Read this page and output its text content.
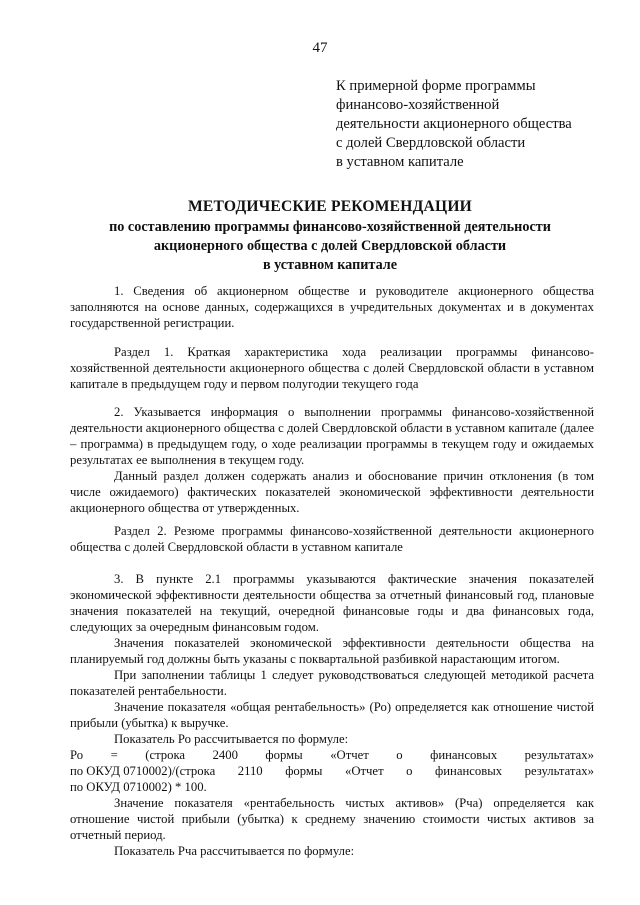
47
К примерной форме программы
финансово-хозяйственной
деятельности акционерного общества
с долей Свердловской области
в уставном капитале
МЕТОДИЧЕСКИЕ РЕКОМЕНДАЦИИ
по составлению программы финансово-хозяйственной деятельности
акционерного общества с долей Свердловской области
в уставном капитале
1. Сведения об акционерном обществе и руководителе акционерного общества заполняются на основе данных, содержащихся в учредительных документах и в документах государственной регистрации.
Раздел 1. Краткая характеристика хода реализации программы финансово-хозяйственной деятельности акционерного общества с долей Свердловской области в уставном капитале в предыдущем году и первом полугодии текущего года
2. Указывается информация о выполнении программы финансово-хозяйственной деятельности акционерного общества с долей Свердловской области в уставном капитале (далее – программа) в предыдущем году, о ходе реализации программы в текущем году и ожидаемых результатах ее выполнения в текущем году.
Данный раздел должен содержать анализ и обоснование причин отклонения (в том числе ожидаемого) фактических показателей экономической эффективности деятельности акционерного общества от утвержденных.
Раздел 2. Резюме программы финансово-хозяйственной деятельности акционерного общества с долей Свердловской области в уставном капитале
3. В пункте 2.1 программы указываются фактические значения показателей экономической эффективности деятельности общества за отчетный финансовый год, плановые значения показателей на текущий, очередной финансовые годы и два финансовых года, следующих за очередным финансовым годом.
Значения показателей экономической эффективности деятельности общества на планируемый год должны быть указаны с поквартальной разбивкой нарастающим итогом.
При заполнении таблицы 1 следует руководствоваться следующей методикой расчета показателей рентабельности.
Значение показателя «общая рентабельность» (Ро) определяется как отношение чистой прибыли (убытка) к выручке.
Показатель Ро рассчитывается по формуле:
Ро = (строка 2400 формы «Отчет о финансовых результатах»
по ОКУД 0710002)/(строка 2110 формы «Отчет о финансовых результатах»
по ОКУД 0710002) * 100.
Значение показателя «рентабельность чистых активов» (Рча) определяется как отношение чистой прибыли (убытка) к среднему значению стоимости чистых активов за отчетный период.
Показатель Рча рассчитывается по формуле:
